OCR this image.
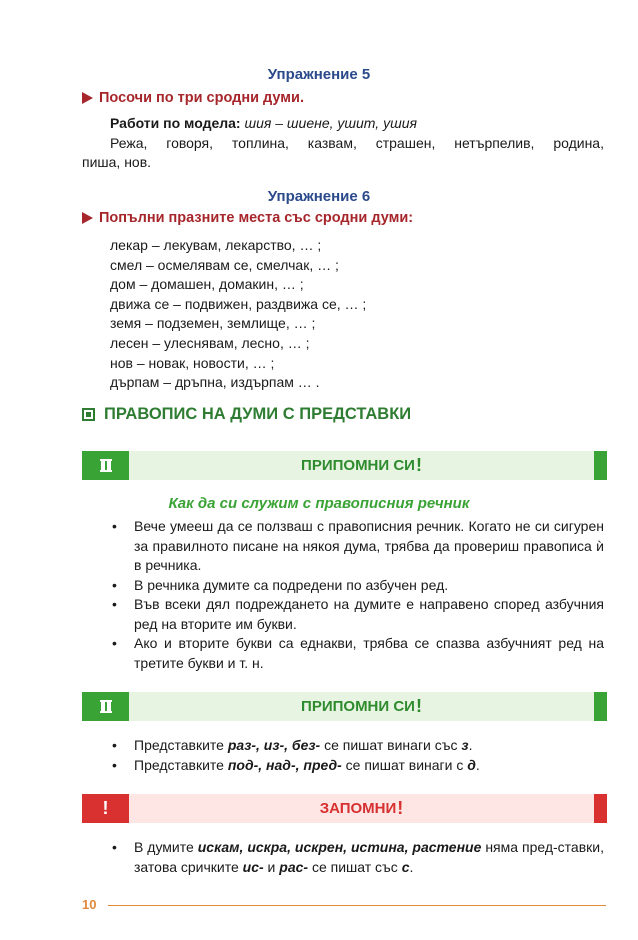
Упражнение 5
Посочи по три сродни думи.
Работи по модела: шия – шиене, ушит, ушия
Режа, говоря, топлина, казвам, страшен, нетърпелив, родина,
пиша, нов.
Упражнение 6
Попълни празните места със сродни думи:
лекар – лекувам, лекарство, … ;
смел – осмелявам се, смелчак, … ;
дом – домашен, домакин, … ;
движа се – подвижен, раздвижа се, … ;
земя – подземен, землище, … ;
лесен – улеснявам, лесно, … ;
нов – новак, новости, … ;
дърпам – дръпна, издърпам … .
ПРАВОПИС НА ДУМИ С ПРЕДСТАВКИ
ПРИПОМНИ СИ !
Как да си служим с правописния речник
• Вече умееш да се ползваш с правописния речник. Когато не си сигурен за правилното писане на някоя дума, трябва да провериш правописа ѝ в речника.
• В речника думите са подредени по азбучен ред.
• Във всеки дял подреждането на думите е направено според азбучния ред на вторите им букви.
• Ако и вторите букви са еднакви, трябва се спазва азбучният ред на третите букви и т. н.
ПРИПОМНИ СИ !
• Представките раз-, из-, без- се пишат винаги със з.
• Представките под-, над-, пред- се пишат винаги с д.
!	ЗАПОМНИ !
• В думите искам, искра, искрен, истина, растение няма пред-ставки, затова сричките ис- и рас- се пишат със с.
10
